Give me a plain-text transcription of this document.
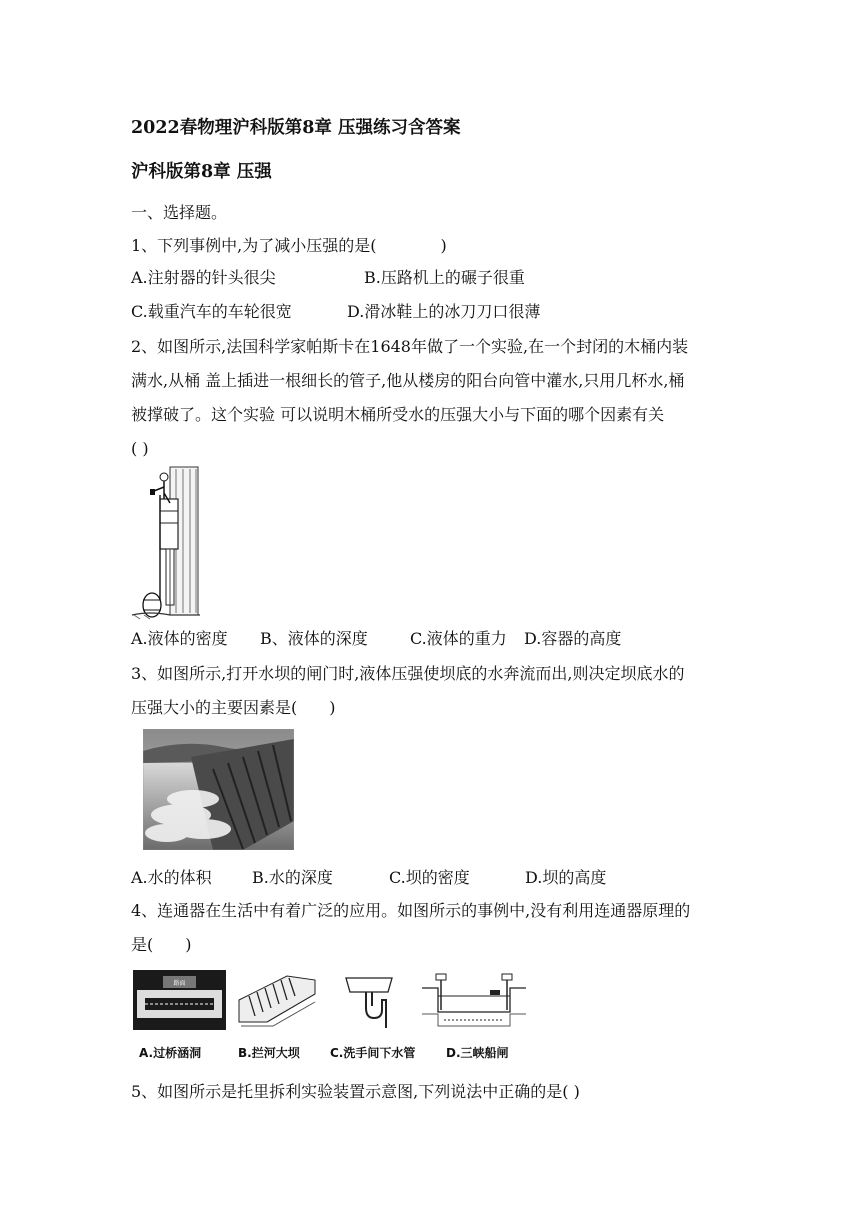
2022春物理沪科版第8章 压强练习含答案
沪科版第8章 压强
一、选择题。
1、下列事例中,为了减小压强的是(　　　　)
A.注射器的针头很尖	B.压路机上的碾子很重
C.载重汽车的车轮很宽	D.滑冰鞋上的冰刀刀口很薄
2、如图所示,法国科学家帕斯卡在1648年做了一个实验,在一个封闭的木桶内装
满水,从桶 盖上插进一根细长的管子,他从楼房的阳台向管中灌水,只用几杯水,桶
被撑破了。这个实验 可以说明木桶所受水的压强大小与下面的哪个因素有关
( )
A.液体的密度 B、液体的深度	C.液体的重力 D.容器的高度
3、如图所示,打开水坝的闸门时,液体压强使坝底的水奔流而出,则决定坝底水的
压强大小的主要因素是(　　)
A.水的体积	B.水的深度	C.坝的密度	D.坝的高度
4、连通器在生活中有着广泛的应用。如图所示的事例中,没有利用连通器原理的
是(　　)
路面
A.过桥涵洞	B.拦河大坝	C.洗手间下水管	D.三峡船闸
5、如图所示是托里拆利实验装置示意图,下列说法中正确的是( )
